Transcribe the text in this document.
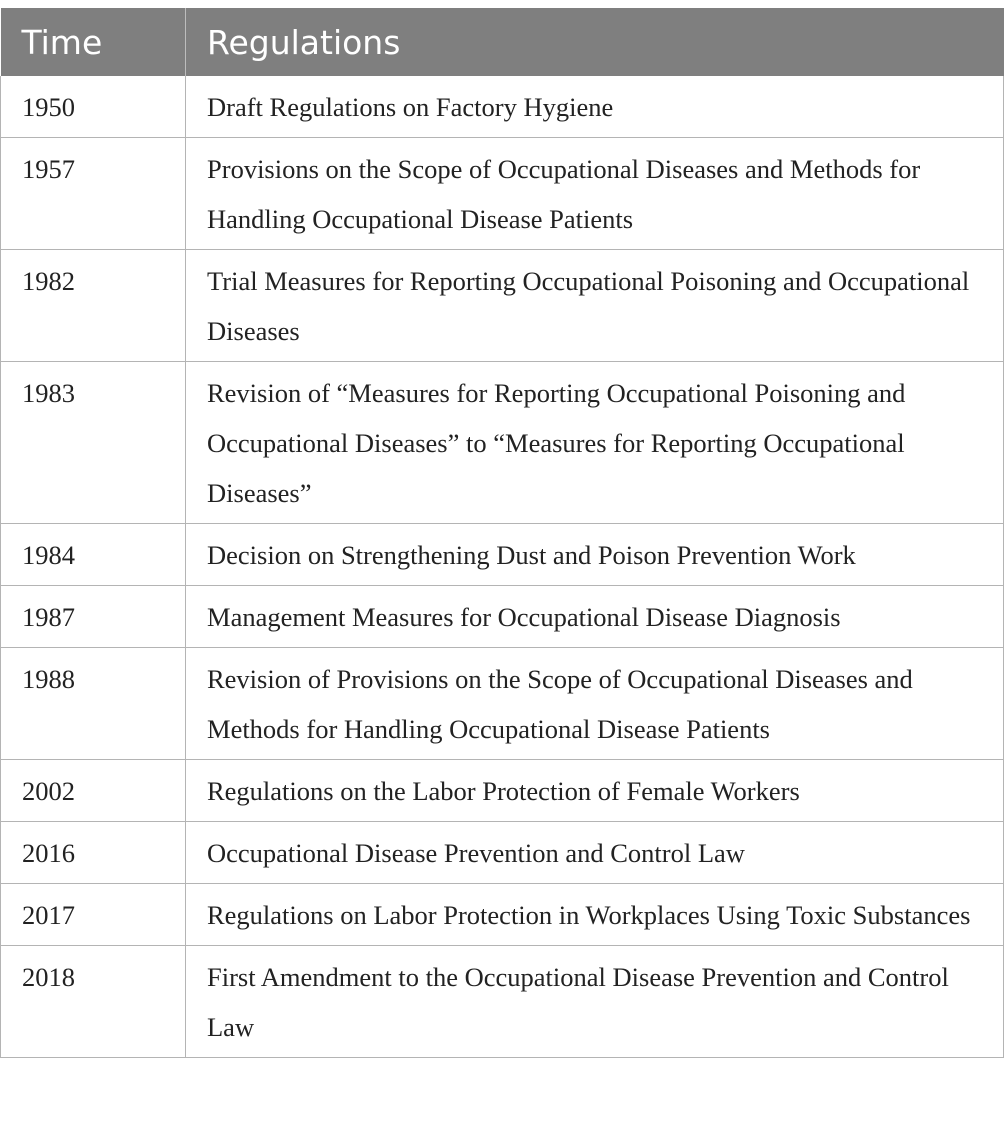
Time	Regulations
1950	Draft Regulations on Factory Hygiene
1957	Provisions on the Scope of Occupational Diseases and Methods for Handling Occupational Disease Patients
1982	Trial Measures for Reporting Occupational Poisoning and Occupational Diseases
1983	Revision of “Measures for Reporting Occupational Poisoning and Occupational Diseases” to “Measures for Reporting Occupational Diseases”
1984	Decision on Strengthening Dust and Poison Prevention Work
1987	Management Measures for Occupational Disease Diagnosis
1988	Revision of Provisions on the Scope of Occupational Diseases and Methods for Handling Occupational Disease Patients
2002	Regulations on the Labor Protection of Female Workers
2016	Occupational Disease Prevention and Control Law
2017	Regulations on Labor Protection in Workplaces Using Toxic Substances
2018	First Amendment to the Occupational Disease Prevention and Control Law
